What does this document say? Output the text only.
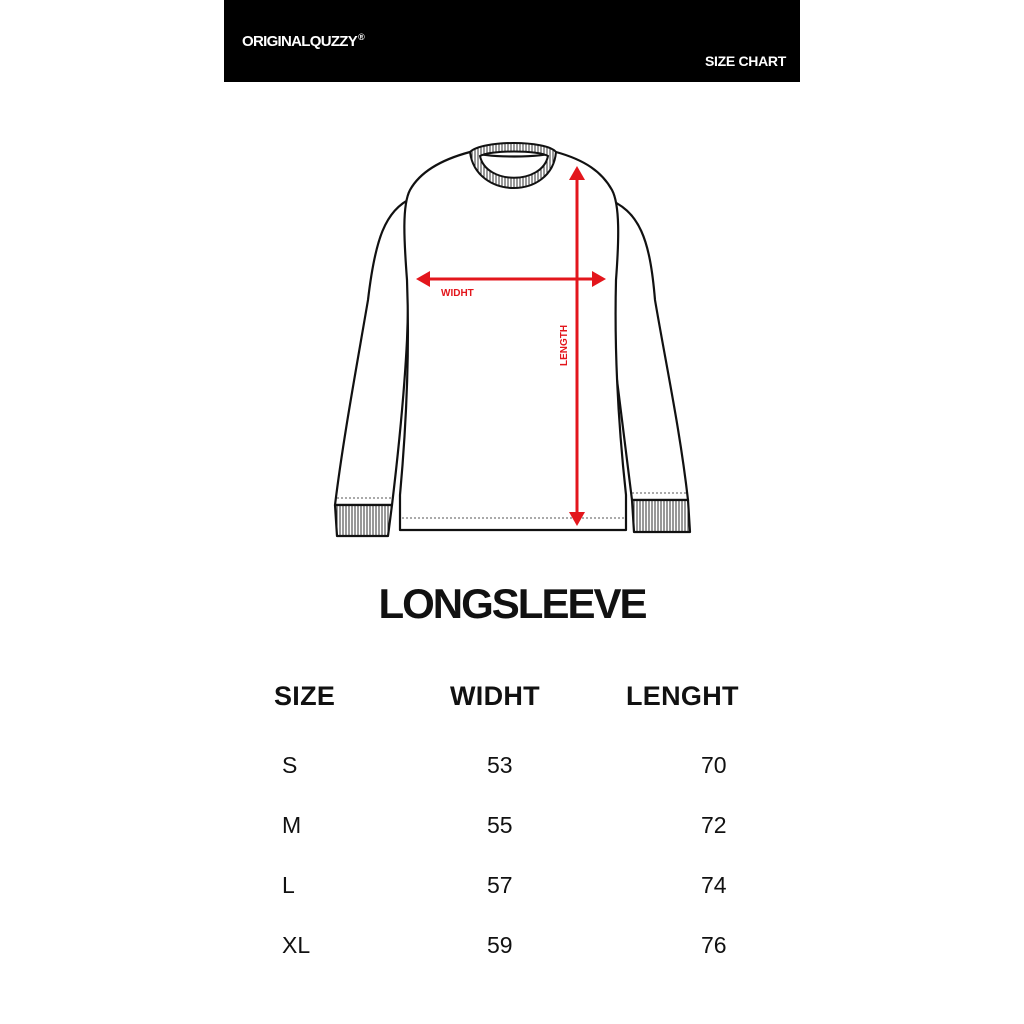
ORIGINALQUZZY®
SIZE CHART
WIDHT
LENGTH
LONGSLEEVE
SIZE	WIDHT	LENGHT
S	53	70
M	55	72
L	57	74
XL	59	76
